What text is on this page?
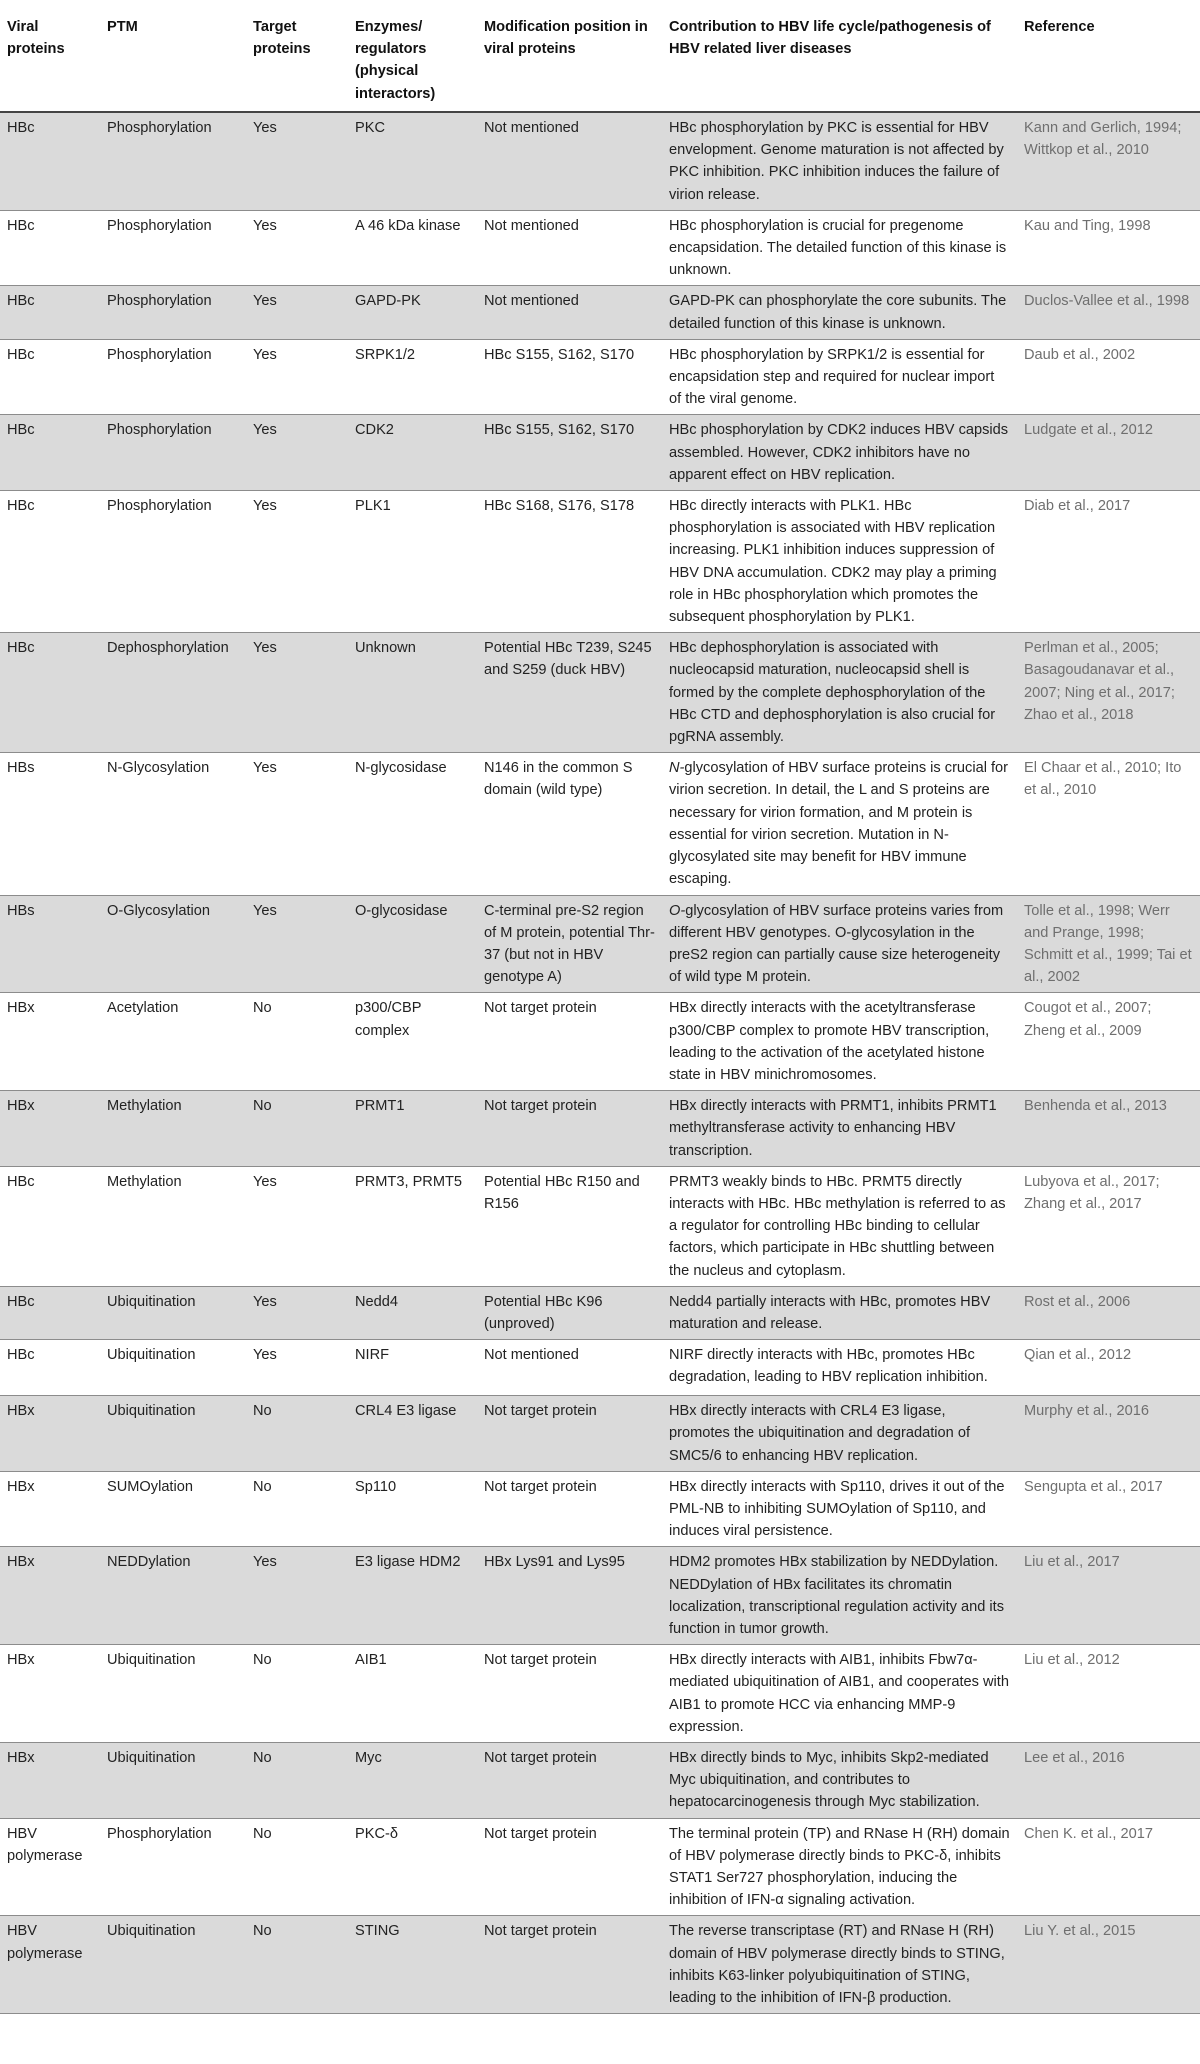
Viral proteins	PTM	Target proteins	Enzymes/ regulators (physical interactors)	Modification position in viral proteins	Contribution to HBV life cycle/pathogenesis of HBV related liver diseases	Reference
HBc	Phosphorylation	Yes	PKC	Not mentioned	HBc phosphorylation by PKC is essential for HBV envelopment. Genome maturation is not affected by PKC inhibition. PKC inhibition induces the failure of virion release.	Kann and Gerlich, 1994; Wittkop et al., 2010
HBc	Phosphorylation	Yes	A 46 kDa kinase	Not mentioned	HBc phosphorylation is crucial for pregenome encapsidation. The detailed function of this kinase is unknown.	Kau and Ting, 1998
HBc	Phosphorylation	Yes	GAPD-PK	Not mentioned	GAPD-PK can phosphorylate the core subunits. The detailed function of this kinase is unknown.	Duclos-Vallee et al., 1998
HBc	Phosphorylation	Yes	SRPK1/2	HBc S155, S162, S170	HBc phosphorylation by SRPK1/2 is essential for encapsidation step and required for nuclear import of the viral genome.	Daub et al., 2002
HBc	Phosphorylation	Yes	CDK2	HBc S155, S162, S170	HBc phosphorylation by CDK2 induces HBV capsids assembled. However, CDK2 inhibitors have no apparent effect on HBV replication.	Ludgate et al., 2012
HBc	Phosphorylation	Yes	PLK1	HBc S168, S176, S178	HBc directly interacts with PLK1. HBc phosphorylation is associated with HBV replication increasing. PLK1 inhibition induces suppression of HBV DNA accumulation. CDK2 may play a priming role in HBc phosphorylation which promotes the subsequent phosphorylation by PLK1.	Diab et al., 2017
HBc	Dephosphorylation	Yes	Unknown	Potential HBc T239, S245 and S259 (duck HBV)	HBc dephosphorylation is associated with nucleocapsid maturation, nucleocapsid shell is formed by the complete dephosphorylation of the HBc CTD and dephosphorylation is also crucial for pgRNA assembly.	Perlman et al., 2005; Basagoudanavar et al., 2007; Ning et al., 2017; Zhao et al., 2018
HBs	N-Glycosylation	Yes	N-glycosidase	N146 in the common S domain (wild type)	N-glycosylation of HBV surface proteins is crucial for virion secretion. In detail, the L and S proteins are necessary for virion formation, and M protein is essential for virion secretion. Mutation in N-glycosylated site may benefit for HBV immune escaping.	El Chaar et al., 2010; Ito et al., 2010
HBs	O-Glycosylation	Yes	O-glycosidase	C-terminal pre-S2 region of M protein, potential Thr-37 (but not in HBV genotype A)	O-glycosylation of HBV surface proteins varies from different HBV genotypes. O-glycosylation in the preS2 region can partially cause size heterogeneity of wild type M protein.	Tolle et al., 1998; Werr and Prange, 1998; Schmitt et al., 1999; Tai et al., 2002
HBx	Acetylation	No	p300/CBP complex	Not target protein	HBx directly interacts with the acetyltransferase p300/CBP complex to promote HBV transcription, leading to the activation of the acetylated histone state in HBV minichromosomes.	Cougot et al., 2007; Zheng et al., 2009
HBx	Methylation	No	PRMT1	Not target protein	HBx directly interacts with PRMT1, inhibits PRMT1 methyltransferase activity to enhancing HBV transcription.	Benhenda et al., 2013
HBc	Methylation	Yes	PRMT3, PRMT5	Potential HBc R150 and R156	PRMT3 weakly binds to HBc. PRMT5 directly interacts with HBc. HBc methylation is referred to as a regulator for controlling HBc binding to cellular factors, which participate in HBc shuttling between the nucleus and cytoplasm.	Lubyova et al., 2017; Zhang et al., 2017
HBc	Ubiquitination	Yes	Nedd4	Potential HBc K96 (unproved)	Nedd4 partially interacts with HBc, promotes HBV maturation and release.	Rost et al., 2006
HBc	Ubiquitination	Yes	NIRF	Not mentioned	NIRF directly interacts with HBc, promotes HBc degradation, leading to HBV replication inhibition.	Qian et al., 2012
HBx	Ubiquitination	No	CRL4 E3 ligase	Not target protein	HBx directly interacts with CRL4 E3 ligase, promotes the ubiquitination and degradation of SMC5/6 to enhancing HBV replication.	Murphy et al., 2016
HBx	SUMOylation	No	Sp110	Not target protein	HBx directly interacts with Sp110, drives it out of the PML-NB to inhibiting SUMOylation of Sp110, and induces viral persistence.	Sengupta et al., 2017
HBx	NEDDylation	Yes	E3 ligase HDM2	HBx Lys91 and Lys95	HDM2 promotes HBx stabilization by NEDDylation. NEDDylation of HBx facilitates its chromatin localization, transcriptional regulation activity and its function in tumor growth.	Liu et al., 2017
HBx	Ubiquitination	No	AIB1	Not target protein	HBx directly interacts with AIB1, inhibits Fbw7α-mediated ubiquitination of AIB1, and cooperates with AIB1 to promote HCC via enhancing MMP-9 expression.	Liu et al., 2012
HBx	Ubiquitination	No	Myc	Not target protein	HBx directly binds to Myc, inhibits Skp2-mediated Myc ubiquitination, and contributes to hepatocarcinogenesis through Myc stabilization.	Lee et al., 2016
HBV polymerase	Phosphorylation	No	PKC-δ	Not target protein	The terminal protein (TP) and RNase H (RH) domain of HBV polymerase directly binds to PKC-δ, inhibits STAT1 Ser727 phosphorylation, inducing the inhibition of IFN-α signaling activation.	Chen K. et al., 2017
HBV polymerase	Ubiquitination	No	STING	Not target protein	The reverse transcriptase (RT) and RNase H (RH) domain of HBV polymerase directly binds to STING, inhibits K63-linker polyubiquitination of STING, leading to the inhibition of IFN-β production.	Liu Y. et al., 2015
